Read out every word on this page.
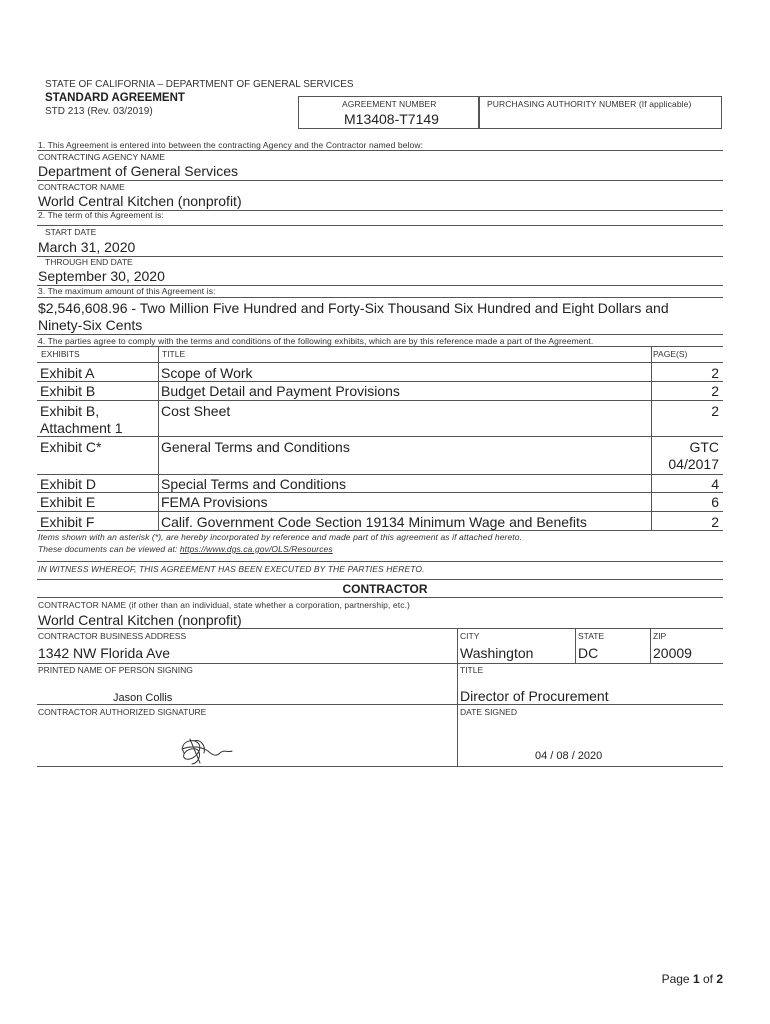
STATE OF CALIFORNIA – DEPARTMENT OF GENERAL SERVICES
STANDARD AGREEMENT
STD 213 (Rev. 03/2019)
AGREEMENT NUMBER
M13408-T7149
PURCHASING AUTHORITY NUMBER (If applicable)
1. This Agreement is entered into between the contracting Agency and the Contractor named below:
CONTRACTING AGENCY NAME
Department of General Services
CONTRACTOR NAME
World Central Kitchen (nonprofit)
2. The term of this Agreement is:
START DATE
March 31, 2020
THROUGH END DATE
September 30, 2020
3. The maximum amount of this Agreement is:
$2,546,608.96 - Two Million Five Hundred and Forty-Six Thousand Six Hundred and Eight Dollars and
Ninety-Six Cents
4. The parties agree to comply with the terms and conditions of the following exhibits, which are by this reference made a part of the Agreement.
EXHIBITS	TITLE	PAGE(S)
Exhibit A	Scope of Work	2
Exhibit B	Budget Detail and Payment Provisions	2
Exhibit B,
Attachment 1
Cost Sheet	2
Exhibit C*	General Terms and Conditions	GTC
04/2017
Exhibit D	Special Terms and Conditions	4
Exhibit E	FEMA Provisions	6
Exhibit F	Calif. Government Code Section 19134 Minimum Wage and Benefits	2
Items shown with an asterisk (*), are hereby incorporated by reference and made part of this agreement as if attached hereto.
These documents can be viewed at: https://www.dgs.ca.gov/OLS/Resources
IN WITNESS WHEREOF, THIS AGREEMENT HAS BEEN EXECUTED BY THE PARTIES HERETO.
CONTRACTOR
CONTRACTOR NAME (if other than an individual, state whether a corporation, partnership, etc.)
World Central Kitchen (nonprofit)
CONTRACTOR BUSINESS ADDRESS
1342 NW Florida Ave
CITY
Washington
STATE
DC
ZIP
20009
PRINTED NAME OF PERSON SIGNING
Jason Collis
TITLE
Director of Procurement
CONTRACTOR AUTHORIZED SIGNATURE	DATE SIGNED
04 / 08 / 2020
Page 1 of 2
